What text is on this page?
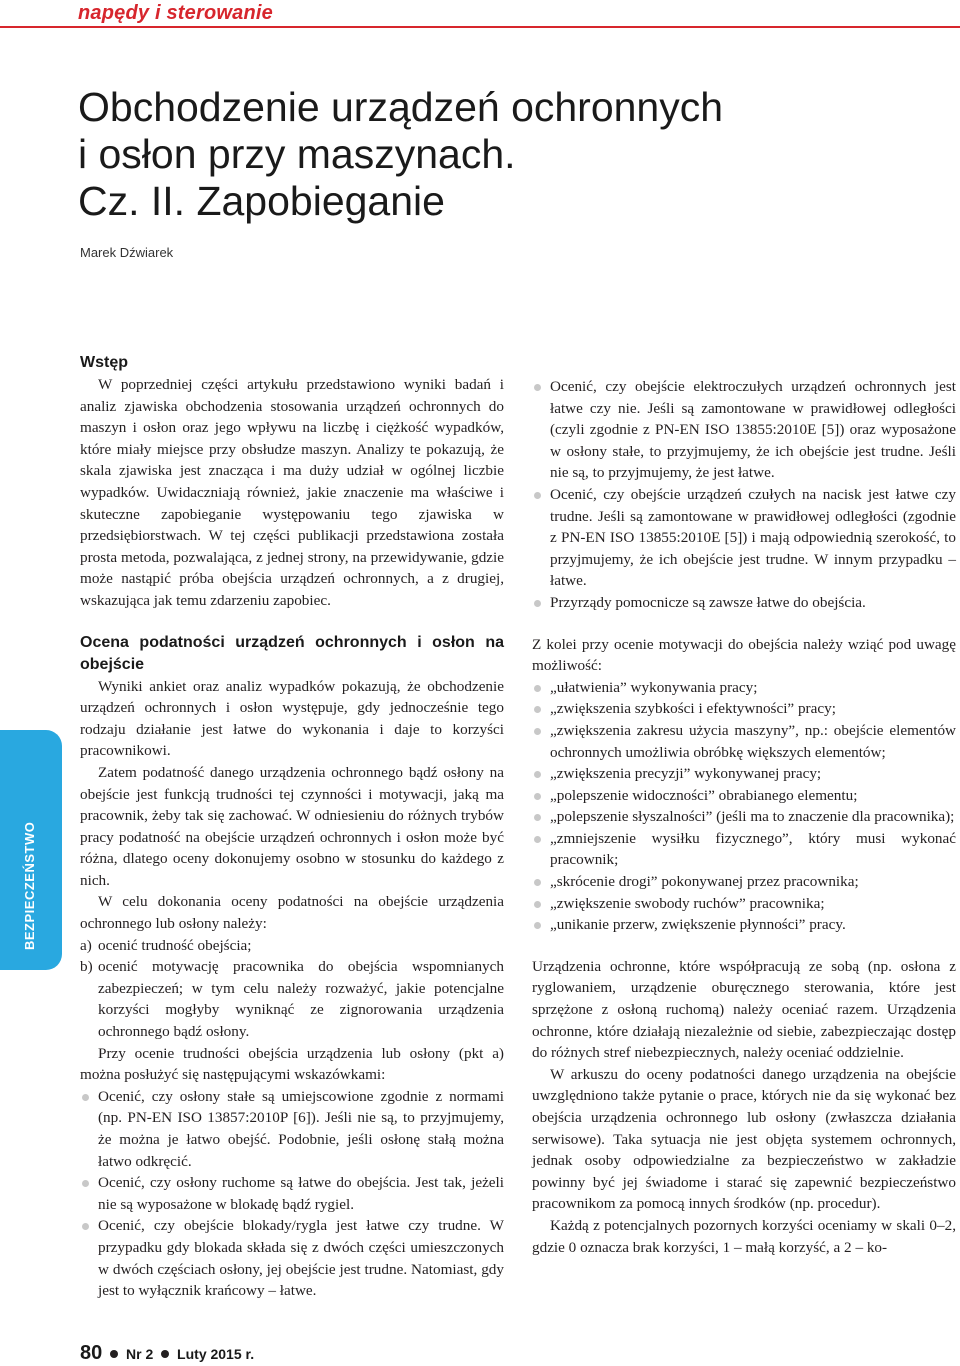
napędy i sterowanie
Obchodzenie urządzeń ochronnych
i osłon przy maszynach.
Cz. II. Zapobieganie
Marek Dźwiarek
Wstęp

W poprzedniej części artykułu przedstawiono wyniki badań i analiz zjawiska obchodzenia stosowania urządzeń ochronnych do maszyn i osłon oraz jego wpływu na liczbę i ciężkość wypadków, które miały miejsce przy obsłudze maszyn. Analizy te pokazują, że skala zjawiska jest znacząca i ma duży udział w ogólnej liczbie wypadków. Uwidaczniają również, jakie znaczenie ma właściwe i skuteczne zapobieganie występowaniu tego zjawiska w przedsiębiorstwach. W tej części publikacji przedstawiona została prosta metoda, pozwalająca, z jednej strony, na przewidywanie, gdzie może nastąpić próba obejścia urządzeń ochronnych, a z drugiej, wskazująca jak temu zdarzeniu zapobiec.

Ocena podatności urządzeń ochronnych i osłon na obejście

Wyniki ankiet oraz analiz wypadków pokazują, że obchodzenie urządzeń ochronnych i osłon występuje, gdy jednocześnie tego rodzaju działanie jest łatwe do wykonania i daje to korzyści pracownikowi.

Zatem podatność danego urządzenia ochronnego bądź osłony na obejście jest funkcją trudności tej czynności i motywacji, jaką ma pracownik, żeby tak się zachować. W odniesieniu do różnych trybów pracy podatność na obejście urządzeń ochronnych i osłon może być różna, dlatego oceny dokonujemy osobno w stosunku do każdego z nich.

W celu dokonania oceny podatności na obejście urządzenia ochronnego lub osłony należy:

a) ocenić trudność obejścia;
b) ocenić motywację pracownika do obejścia wspomnianych zabezpieczeń; w tym celu należy rozważyć, jakie potencjalne korzyści mogłyby wyniknąć ze zignorowania urządzenia ochronnego bądź osłony.

Przy ocenie trudności obejścia urządzenia lub osłony (pkt a) można posłużyć się następującymi wskazówkami:

Ocenić, czy osłony stałe są umiejscowione zgodnie z normami (np. PN-EN ISO 13857:2010P [6]). Jeśli nie są, to przyjmujemy, że można je łatwo obejść. Podobnie, jeśli osłonę stałą można łatwo odkręcić.
Ocenić, czy osłony ruchome są łatwe do obejścia. Jest tak, jeżeli nie są wyposażone w blokadę bądź rygiel.
Ocenić, czy obejście blokady/rygla jest łatwe czy trudne. W przypadku gdy blokada składa się z dwóch części umieszczonych w dwóch częściach osłony, jej obejście jest trudne. Natomiast, gdy jest to wyłącznik krańcowy – łatwe.
Ocenić, czy obejście elektroczułych urządzeń ochronnych jest łatwe czy nie. Jeśli są zamontowane w prawidłowej odległości (czyli zgodnie z PN-EN ISO 13855:2010E [5]) oraz wyposażone w osłony stałe, to przyjmujemy, że ich obejście jest trudne. Jeśli nie są, to przyjmujemy, że jest łatwe.
Ocenić, czy obejście urządzeń czułych na nacisk jest łatwe czy trudne. Jeśli są zamontowane w prawidłowej odległości (zgodnie z PN-EN ISO 13855:2010E [5]) i mają odpowiednią szerokość, to przyjmujemy, że ich obejście jest trudne. W innym przypadku – łatwe.
Przyrządy pomocnicze są zawsze łatwe do obejścia.

Z kolei przy ocenie motywacji do obejścia należy wziąć pod uwagę możliwość:

„ułatwienia” wykonywania pracy;
„zwiększenia szybkości i efektywności” pracy;
„zwiększenia zakresu użycia maszyny”, np.: obejście elementów ochronnych umożliwia obróbkę większych elementów;
„zwiększenia precyzji” wykonywanej pracy;
„polepszenie widoczności” obrabianego elementu;
„polepszenie słyszalności” (jeśli ma to znaczenie dla pracownika);
„zmniejszenie wysiłku fizycznego”, który musi wykonać pracownik;
„skrócenie drogi” pokonywanej przez pracownika;
„zwiększenie swobody ruchów” pracownika;
„unikanie przerw, zwiększenie płynności” pracy.

Urządzenia ochronne, które współpracują ze sobą (np. osłona z ryglowaniem, urządzenie oburęcznego sterowania, które jest sprzężone z osłoną ruchomą) należy oceniać razem. Urządzenia ochronne, które działają niezależnie od siebie, zabezpieczając dostęp do różnych stref niebezpiecznych, należy oceniać oddzielnie.

W arkuszu do oceny podatności danego urządzenia na obejście uwzględniono także pytanie o prace, których nie da się wykonać bez obejścia urządzenia ochronnego lub osłony (zwłaszcza działania serwisowe). Taka sytuacja nie jest objęta systemem ochronnych, jednak osoby odpowiedzialne za bezpieczeństwo w zakładzie powinny być jej świadome i starać się zapewnić bezpieczeństwo pracownikom za pomocą innych środków (np. procedur).

Każdą z potencjalnych pozornych korzyści oceniamy w skali 0–2, gdzie 0 oznacza brak korzyści, 1 – małą korzyść, a 2 – ko-

BEZPIECZEŃSTWO
80 Nr 2 Luty 2015 r.
